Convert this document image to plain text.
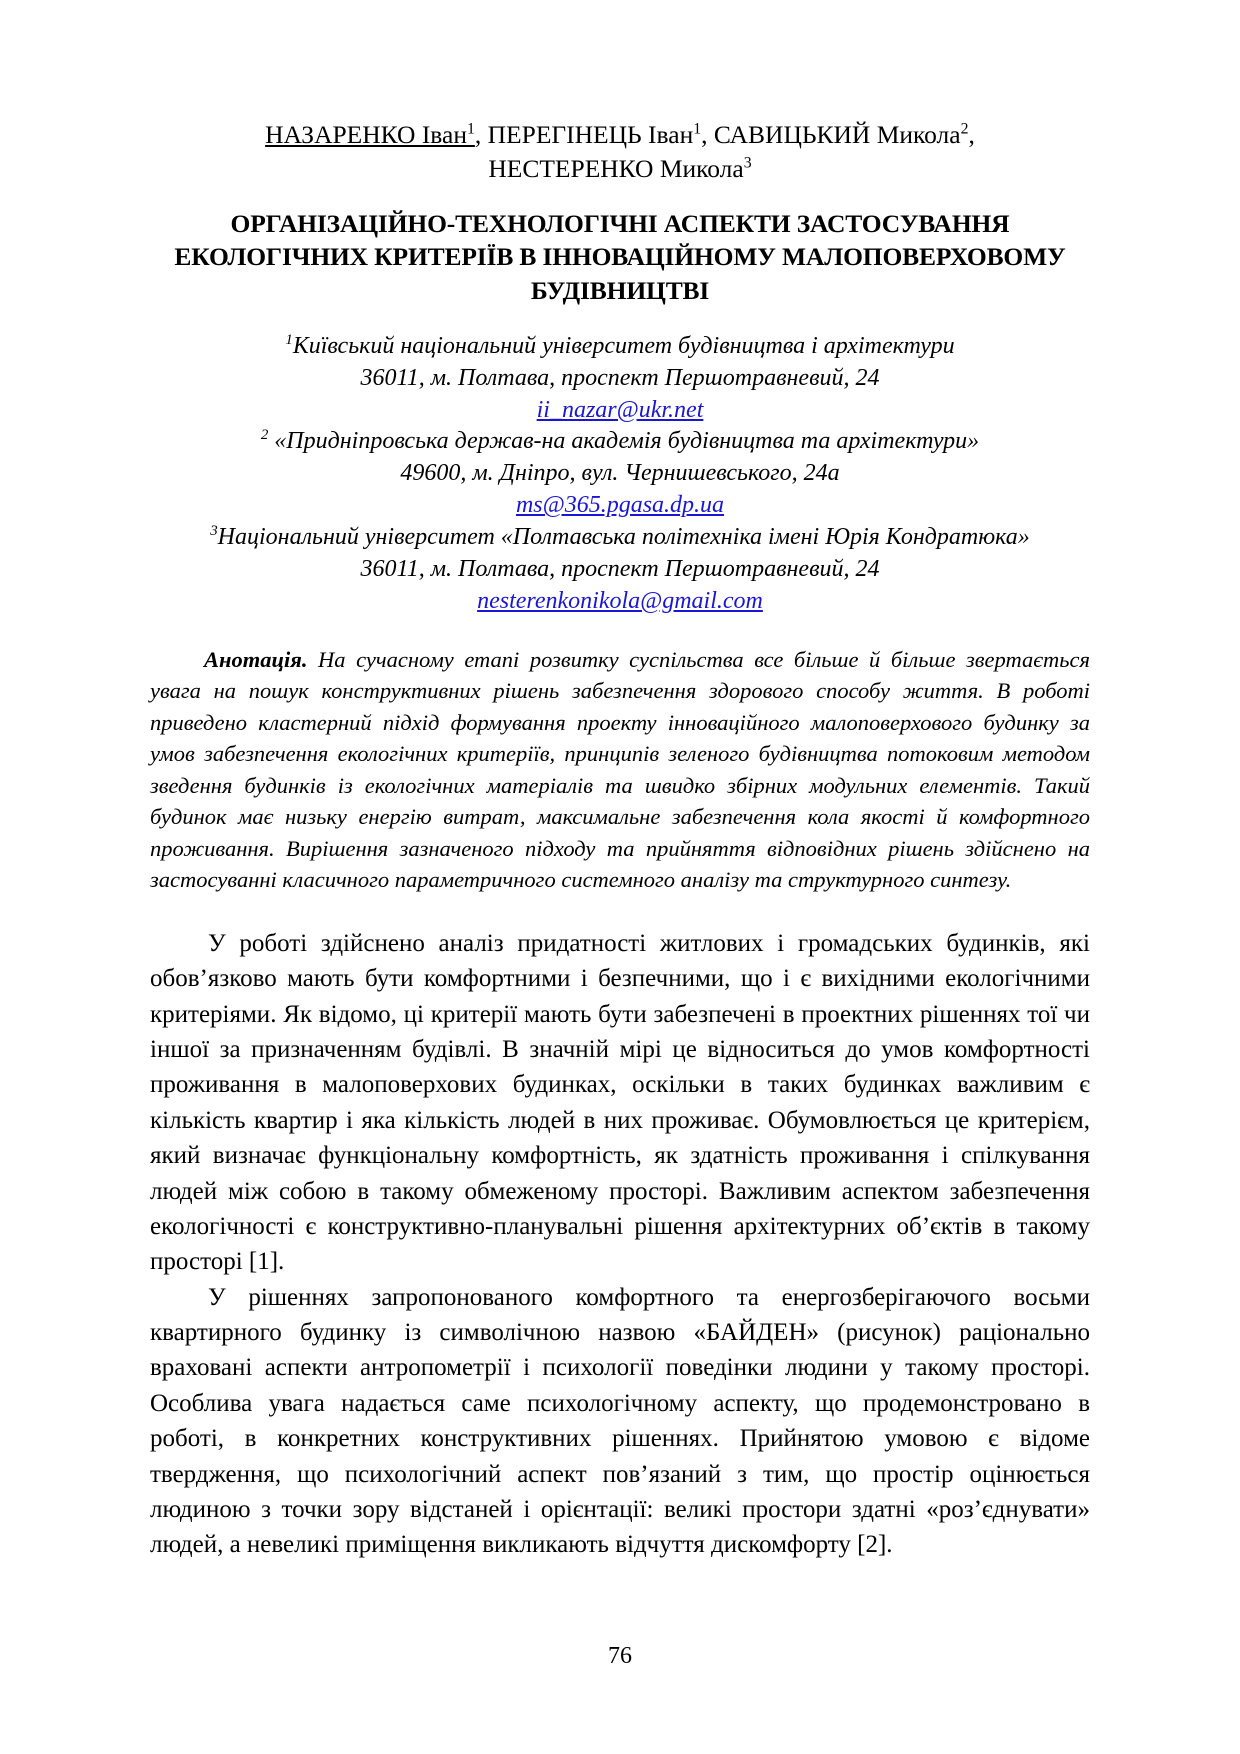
НАЗАРЕНКО Іван$^1$, ПЕРЕГІНЕЦЬ Іван$^1$, САВИЦЬКИЙ Микола$^2$,
НЕСТЕРЕНКО Микола$^3$
ОРГАНІЗАЦІЙНО-ТЕХНОЛОГІЧНІ АСПЕКТИ ЗАСТОСУВАННЯ
ЕКОЛОГІЧНИХ КРИТЕРІЇВ В ІННОВАЦІЙНОМУ МАЛОПОВЕРХОВОМУ
БУДІВНИЦТВІ
$^1$Київський національний університет будівництва і архітектури
36011, м. Полтава, проспект Першотравневий, 24
ii_nazar@ukr.net
$^2$ «Придніпровська держав-на академія будівництва та архітектури»
49600, м. Дніпро, вул. Чернишевського, 24а
ms@365.pgasa.dp.ua
$^3$Національний університет «Полтавська політехніка імені Юрія Кондратюка»
36011, м. Полтава, проспект Першотравневий, 24
nesterenkonikola@gmail.com

Анотація. На сучасному етапі розвитку суспільства все більше й більше звертається увага на пошук конструктивних рішень забезпечення здорового способу життя. В роботі приведено кластерний підхід формування проекту інноваційного малоповерхового будинку за умов забезпечення екологічних критеріїв, принципів зеленого будівництва потоковим методом зведення будинків із екологічних матеріалів та швидко збірних модульних елементів. Такий будинок має низьку енергію витрат, максимальне забезпечення кола якості й комфортного проживання. Вирішення зазначеного підходу та прийняття відповідних рішень здійснено на застосуванні класичного параметричного системного аналізу та структурного синтезу.

У роботі здійснено аналіз придатності житлових і громадських будинків, які обов’язково мають бути комфортними і безпечними, що і є вихідними екологічними критеріями. Як відомо, ці критерії мають бути забезпечені в проектних рішеннях тої чи іншої за призначенням будівлі. В значній мірі це відноситься до умов комфортності проживання в малоповерхових будинках, оскільки в таких будинках важливим є кількість квартир і яка кількість людей в них проживає. Обумовлюється це критерієм, який визначає функціональну комфортність, як здатність проживання і спілкування людей між собою в такому обмеженому просторі. Важливим аспектом забезпечення екологічності є конструктивно-планувальні рішення архітектурних об’єктів в такому просторі [1].

У рішеннях запропонованого комфортного та енергозберігаючого восьми квартирного будинку із символічною назвою «БАЙДЕН» (рисунок) раціонально враховані аспекти антропометрії і психології поведінки людини у такому просторі. Особлива увага надається саме психологічному аспекту, що продемонстровано в роботі, в конкретних конструктивних рішеннях. Прийнятою умовою є відоме твердження, що психологічний аспект пов’язаний з тим, що простір оцінюється людиною з точки зору відстаней і орієнтації: великі простори здатні «роз’єднувати» людей, а невеликі приміщення викликають відчуття дискомфорту [2].

76
